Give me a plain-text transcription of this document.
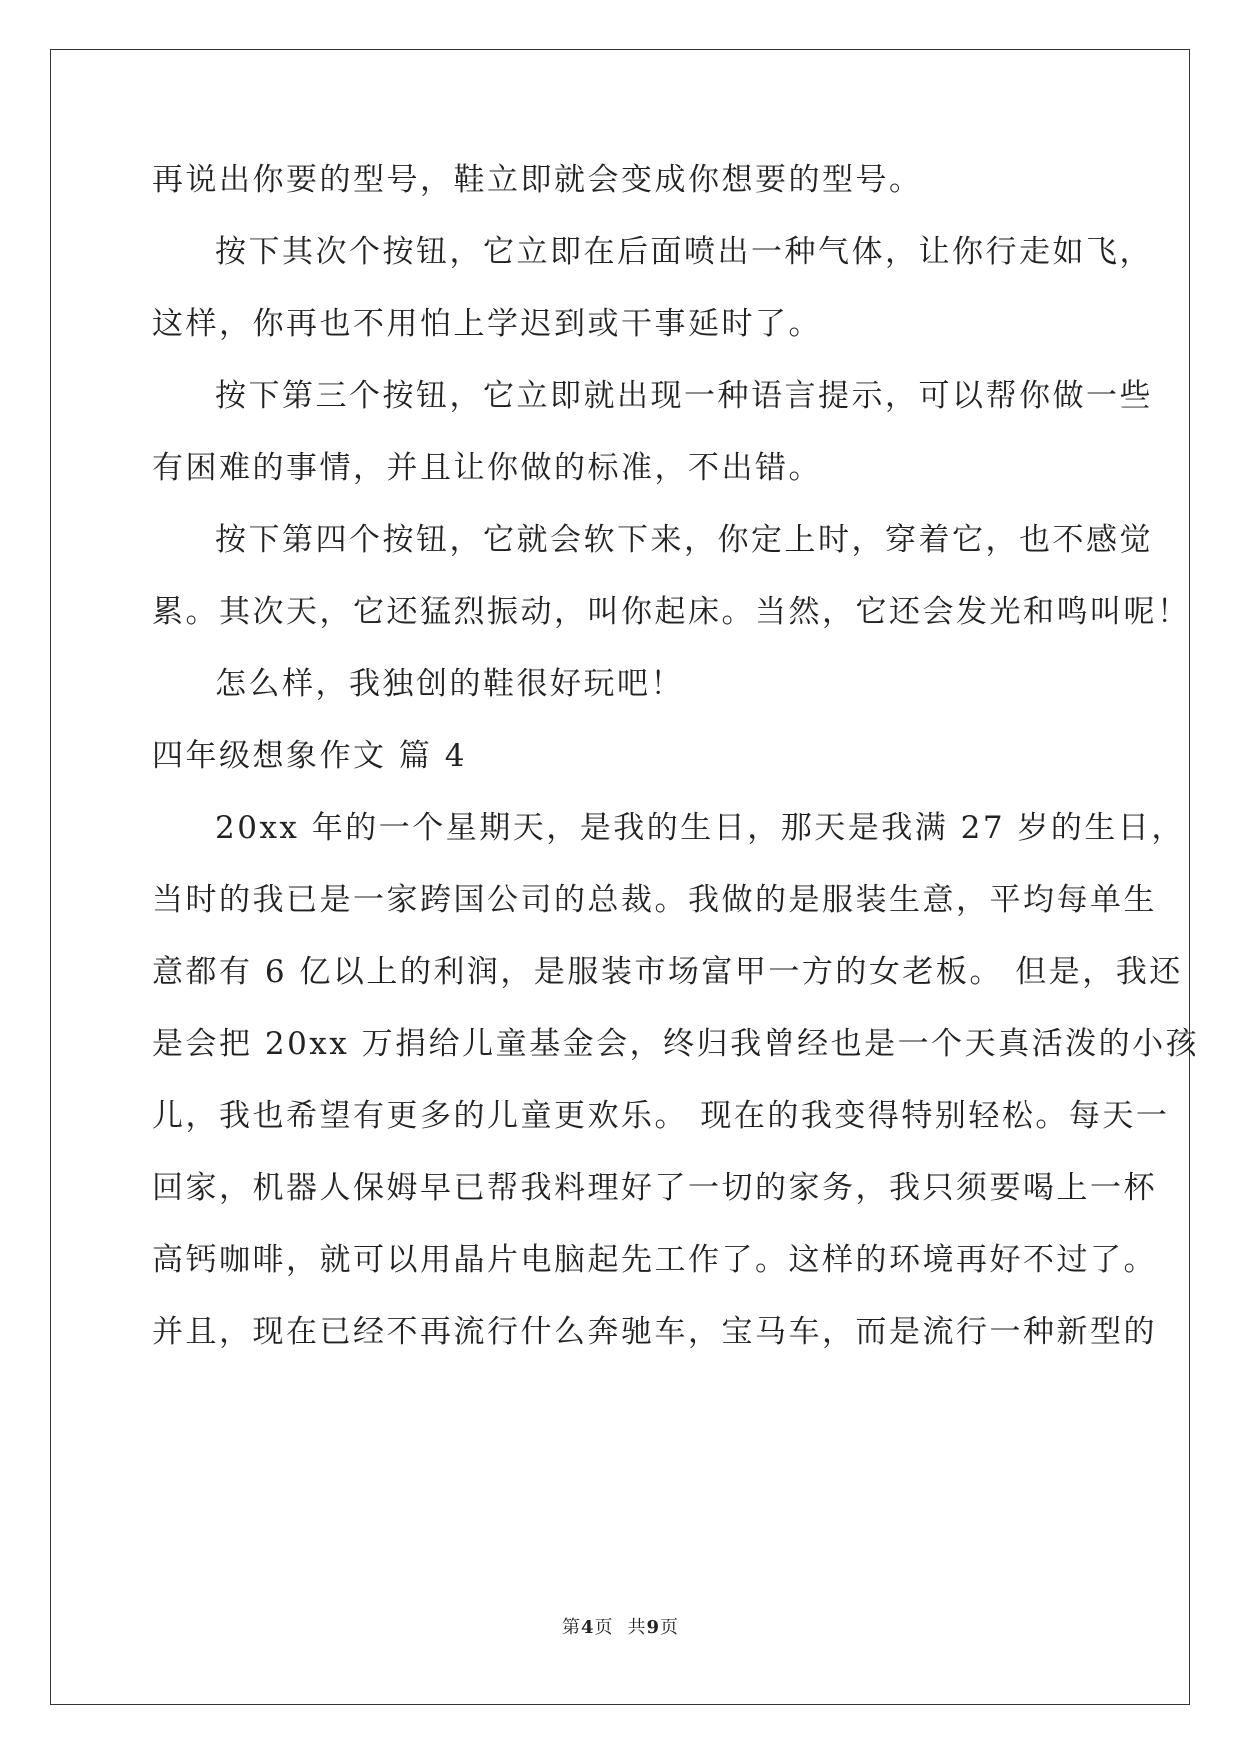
再说出你要的型号，鞋立即就会变成你想要的型号。
按下其次个按钮，它立即在后面喷出一种气体，让你行走如飞，
这样，你再也不用怕上学迟到或干事延时了。
按下第三个按钮，它立即就出现一种语言提示，可以帮你做一些
有困难的事情，并且让你做的标准，不出错。
按下第四个按钮，它就会软下来，你定上时，穿着它，也不感觉
累。其次天，它还猛烈振动，叫你起床。当然，它还会发光和鸣叫呢！
怎么样，我独创的鞋很好玩吧！
四年级想象作文 篇 4
20xx 年的一个星期天，是我的生日，那天是我满 27 岁的生日，
当时的我已是一家跨国公司的总裁。我做的是服装生意，平均每单生
意都有 6 亿以上的利润，是服装市场富甲一方的女老板。 但是，我还
是会把 20xx 万捐给儿童基金会，终归我曾经也是一个天真活泼的小孩
儿，我也希望有更多的儿童更欢乐。 现在的我变得特别轻松。每天一
回家，机器人保姆早已帮我料理好了一切的家务，我只须要喝上一杯
高钙咖啡，就可以用晶片电脑起先工作了。这样的环境再好不过了。
并且，现在已经不再流行什么奔驰车，宝马车，而是流行一种新型的
第4页 共9页
